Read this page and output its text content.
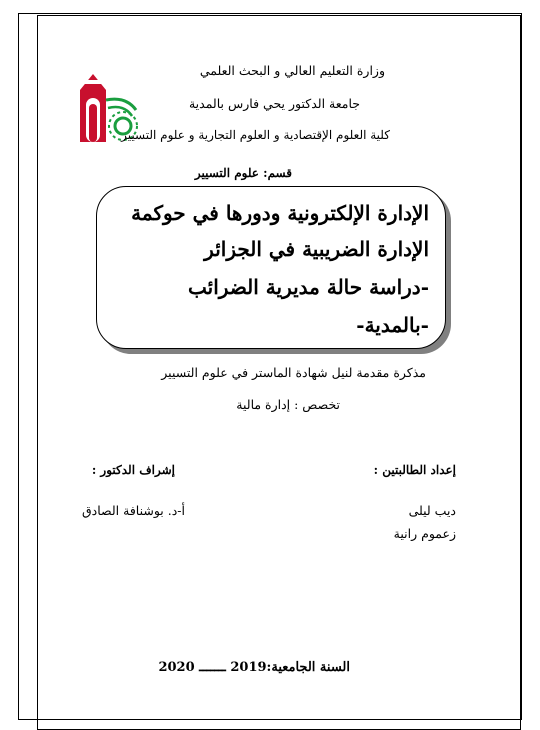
وزارة التعليم العالي و البحث العلمي
جامعة الدكتور يحي فارس بالمدية
كلية العلوم الإقتصادية و العلوم التجارية و علوم التسيير
قسم: علوم التسيير
الإدارة الإلكترونية ودورها في حوكمة
الإدارة الضريبية في الجزائر
-دراسة حالة مديرية الضرائب
-بالمدية-
مذكرة مقدمة لنيل شهادة الماستر في علوم التسيير
تخصص : إدارة مالية
إعداد الطالبتين :
ديب ليلى
زعموم رانية
إشراف الدكتور :
أ-د. بوشنافة الصادق
السنة الجامعية:2019 ـــــــ 2020
